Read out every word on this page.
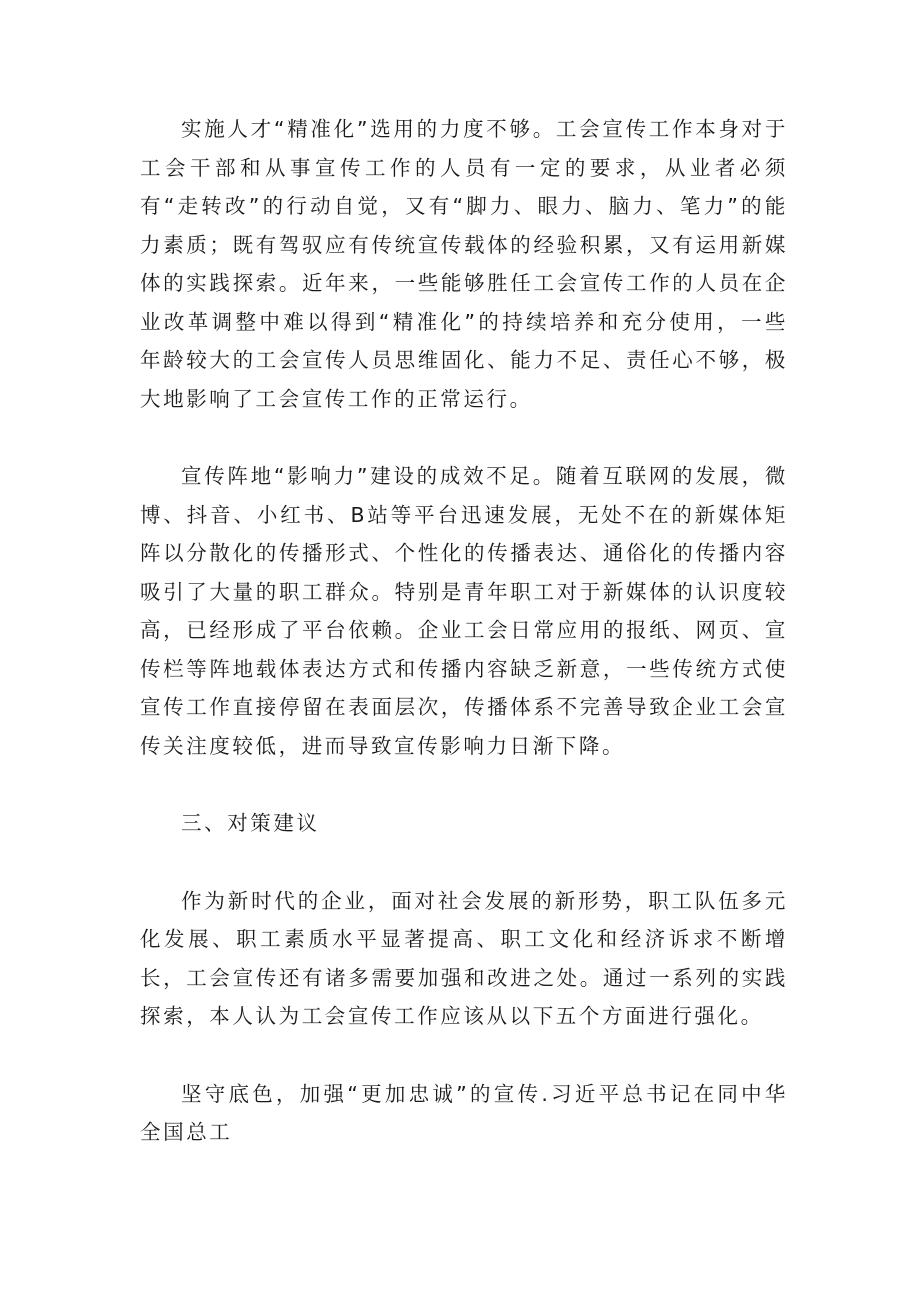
实施人才“精准化”选用的力度不够。工会宣传工作本身对于工会干部和从事宣传工作的人员有一定的要求，从业者必须有“走转改”的行动自觉，又有“脚力、眼力、脑力、笔力”的能力素质；既有驾驭应有传统宣传载体的经验积累，又有运用新媒体的实践探索。近年来，一些能够胜任工会宣传工作的人员在企业改革调整中难以得到“精准化”的持续培养和充分使用，一些年龄较大的工会宣传人员思维固化、能力不足、责任心不够，极大地影响了工会宣传工作的正常运行。

宣传阵地“影响力”建设的成效不足。随着互联网的发展，微博、抖音、小红书、B站等平台迅速发展，无处不在的新媒体矩阵以分散化的传播形式、个性化的传播表达、通俗化的传播内容吸引了大量的职工群众。特别是青年职工对于新媒体的认识度较高，已经形成了平台依赖。企业工会日常应用的报纸、网页、宣传栏等阵地载体表达方式和传播内容缺乏新意，一些传统方式使宣传工作直接停留在表面层次，传播体系不完善导致企业工会宣传关注度较低，进而导致宣传影响力日渐下降。

三、对策建议

作为新时代的企业，面对社会发展的新形势，职工队伍多元化发展、职工素质水平显著提高、职工文化和经济诉求不断增长，工会宣传还有诸多需要加强和改进之处。通过一系列的实践探索，本人认为工会宣传工作应该从以下五个方面进行强化。

坚守底色，加强“更加忠诚”的宣传.习近平总书记在同中华全国总工
